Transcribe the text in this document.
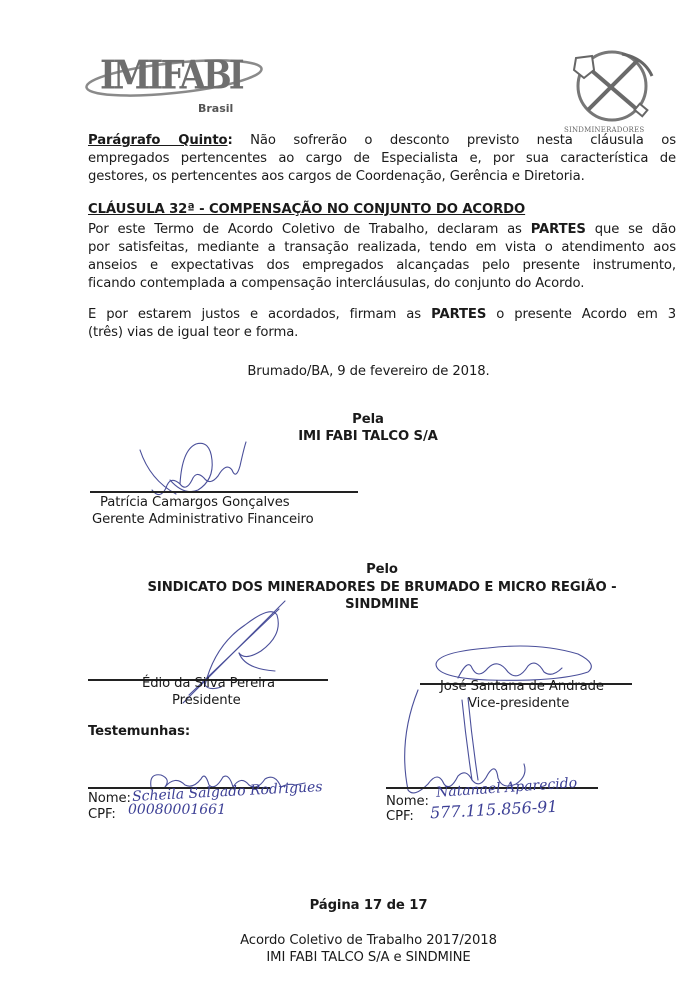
IMIFABI
Brasil
SINDMINERADORES
Parágrafo Quinto: Não sofrerão o desconto previsto nesta cláusula os
empregados pertencentes ao cargo de Especialista e, por sua característica de
gestores, os pertencentes aos cargos de Coordenação, Gerência e Diretoria.
CLÁUSULA 32ª - COMPENSAÇÃO NO CONJUNTO DO ACORDO
Por este Termo de Acordo Coletivo de Trabalho, declaram as PARTES que se dão
por satisfeitas, mediante a transação realizada, tendo em vista o atendimento aos
anseios e expectativas dos empregados alcançadas pelo presente instrumento,
ficando contemplada a compensação intercláusulas, do conjunto do Acordo.
E por estarem justos e acordados, firmam as PARTES o presente Acordo em 3
(três) vias de igual teor e forma.
Brumado/BA, 9 de fevereiro de 2018.
Pela
IMI FABI TALCO S/A
Patrícia Camargos Gonçalves
Gerente Administrativo Financeiro
Pelo
SINDICATO DOS MINERADORES DE BRUMADO E MICRO REGIÃO -
SINDMINE
Édio da Silva Pereira
Presidente
José Santana de Andrade
Vice-presidente
Testemunhas:
Nome: Scheila Salgado Rodrigues
CPF: 00080001661
Nome:
Natanael Aparecido
CPF: 577.115.856-91
Página 17 de 17
Acordo Coletivo de Trabalho 2017/2018
IMI FABI TALCO S/A e SINDMINE
